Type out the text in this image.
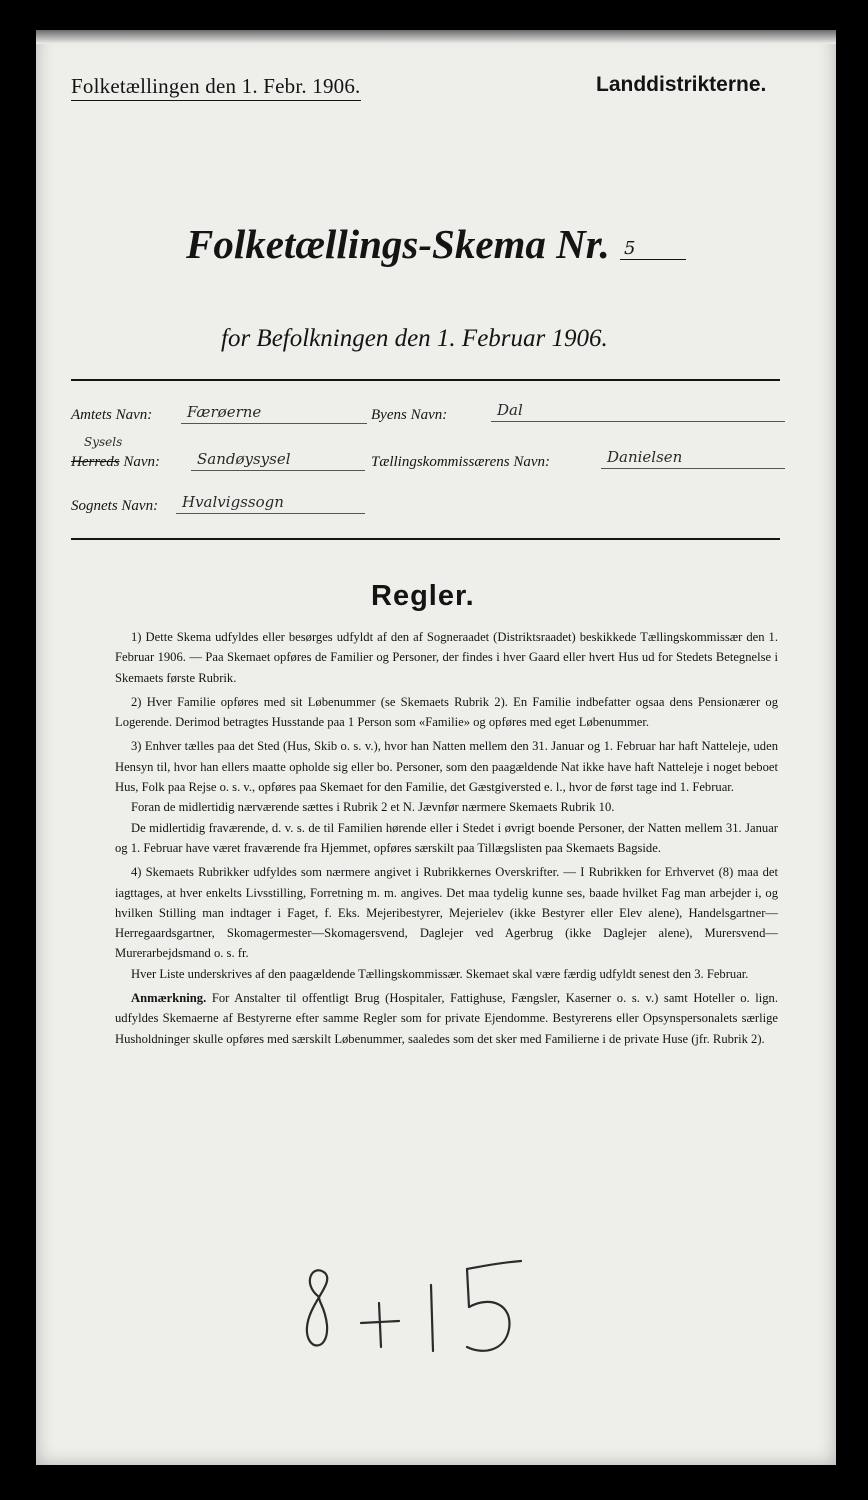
Folketællingen den 1. Febr. 1906.	Landdistrikterne.
Folketællings-Skema Nr. 5
for Befolkningen den 1. Februar 1906.
Amtets Navn:	Færøerne	Byens Navn:	Dal
Sysels
Herreds Navn:	Sandøysysel	Tællingskommissærens Navn:	Danielsen
Sognets Navn:	Hvalvigssogn
Regler.

1) Dette Skema udfyldes eller besørges udfyldt af den af Sogneraadet (Distriktsraadet) beskikkede Tællingskommissær den 1. Februar 1906. — Paa Skemaet opføres de Familier og Personer, der findes i hver Gaard eller hvert Hus ud for Stedets Betegnelse i Skemaets første Rubrik.

2) Hver Familie opføres med sit Løbenummer (se Skemaets Rubrik 2). En Familie indbefatter ogsaa dens Pensionærer og Logerende. Derimod betragtes Husstande paa 1 Person som «Familie» og opføres med eget Løbenummer.

3) Enhver tælles paa det Sted (Hus, Skib o. s. v.), hvor han Natten mellem den 31. Januar og 1. Februar har haft Natteleje, uden Hensyn til, hvor han ellers maatte opholde sig eller bo. Personer, som den paagældende Nat ikke have haft Natteleje i noget beboet Hus, Folk paa Rejse o. s. v., opføres paa Skemaet for den Familie, det Gæstgiversted e. l., hvor de først tage ind 1. Februar.

Foran de midlertidig nærværende sættes i Rubrik 2 et N. Jævnfør nærmere Skemaets Rubrik 10.

De midlertidig fraværende, d. v. s. de til Familien hørende eller i Stedet i øvrigt boende Personer, der Natten mellem 31. Januar og 1. Februar have været fraværende fra Hjemmet, opføres særskilt paa Tillægslisten paa Skemaets Bagside.

4) Skemaets Rubrikker udfyldes som nærmere angivet i Rubrikkernes Overskrifter. — I Rubrikken for Erhvervet (8) maa det iagttages, at hver enkelts Livsstilling, Forretning m. m. angives. Det maa tydelig kunne ses, baade hvilket Fag man arbejder i, og hvilken Stilling man indtager i Faget, f. Eks. Mejeribestyrer, Mejerielev (ikke Bestyrer eller Elev alene), Handelsgartner—Herregaardsgartner, Skomagermester—Skomagersvend, Daglejer ved Agerbrug (ikke Daglejer alene), Murersvend—Murerarbejdsmand o. s. fr.

Hver Liste underskrives af den paagældende Tællingskommissær. Skemaet skal være færdig udfyldt senest den 3. Februar.

Anmærkning. For Anstalter til offentligt Brug (Hospitaler, Fattighuse, Fængsler, Kaserner o. s. v.) samt Hoteller o. lign. udfyldes Skemaerne af Bestyrerne efter samme Regler som for private Ejendomme. Bestyrerens eller Opsynspersonalets særlige Husholdninger skulle opføres med særskilt Løbenummer, saaledes som det sker med Familierne i de private Huse (jfr. Rubrik 2).
